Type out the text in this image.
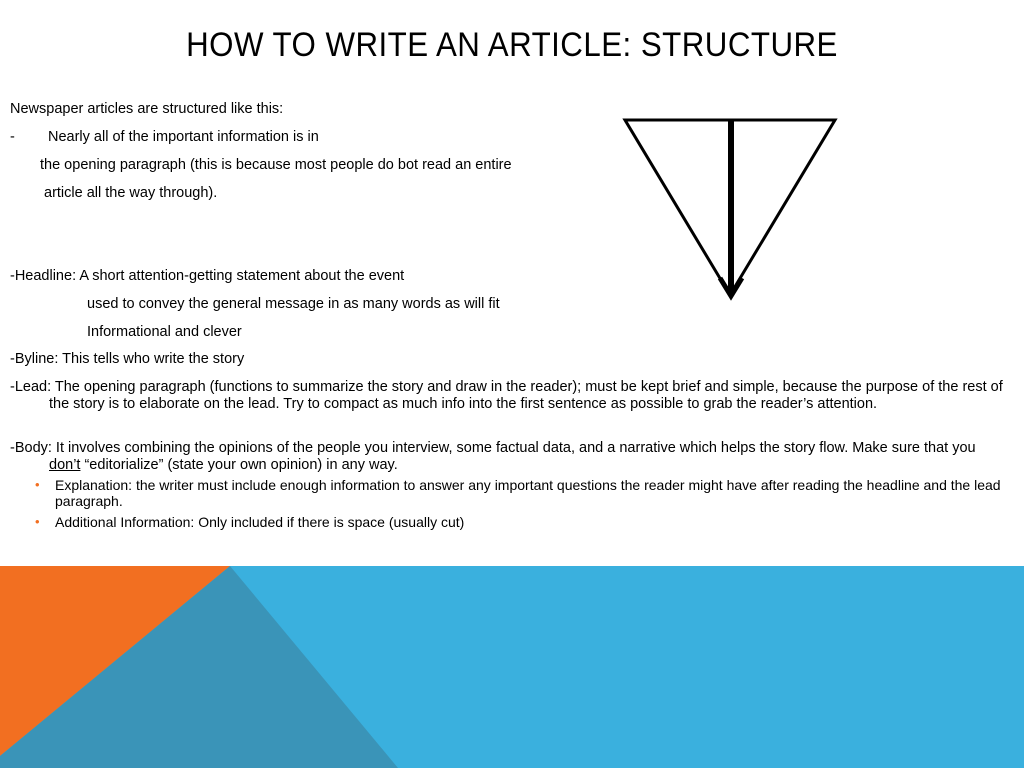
HOW TO WRITE AN ARTICLE: STRUCTURE
Newspaper articles are structured like this:
- Nearly all of the important information is in
the opening paragraph (this is because most people do bot read an entire
article all the way through).
-Headline: A short attention-getting statement about the event
used to convey the general message in as many words as will fit
Informational and clever
-Byline: This tells who write the story

-Lead: The opening paragraph (functions to summarize the story and draw in the reader); must be kept brief and simple, because the purpose of the rest of the story is to elaborate on the lead. Try to compact as much info into the first sentence as possible to grab the reader’s attention.

-Body: It involves combining the opinions of the people you interview, some factual data, and a narrative which helps the story flow. Make sure that you don’t “editorialize” (state your own opinion) in any way.

• Explanation: the writer must include enough information to answer any important questions the reader might have after reading the headline and the lead paragraph.
• Additional Information: Only included if there is space (usually cut)
